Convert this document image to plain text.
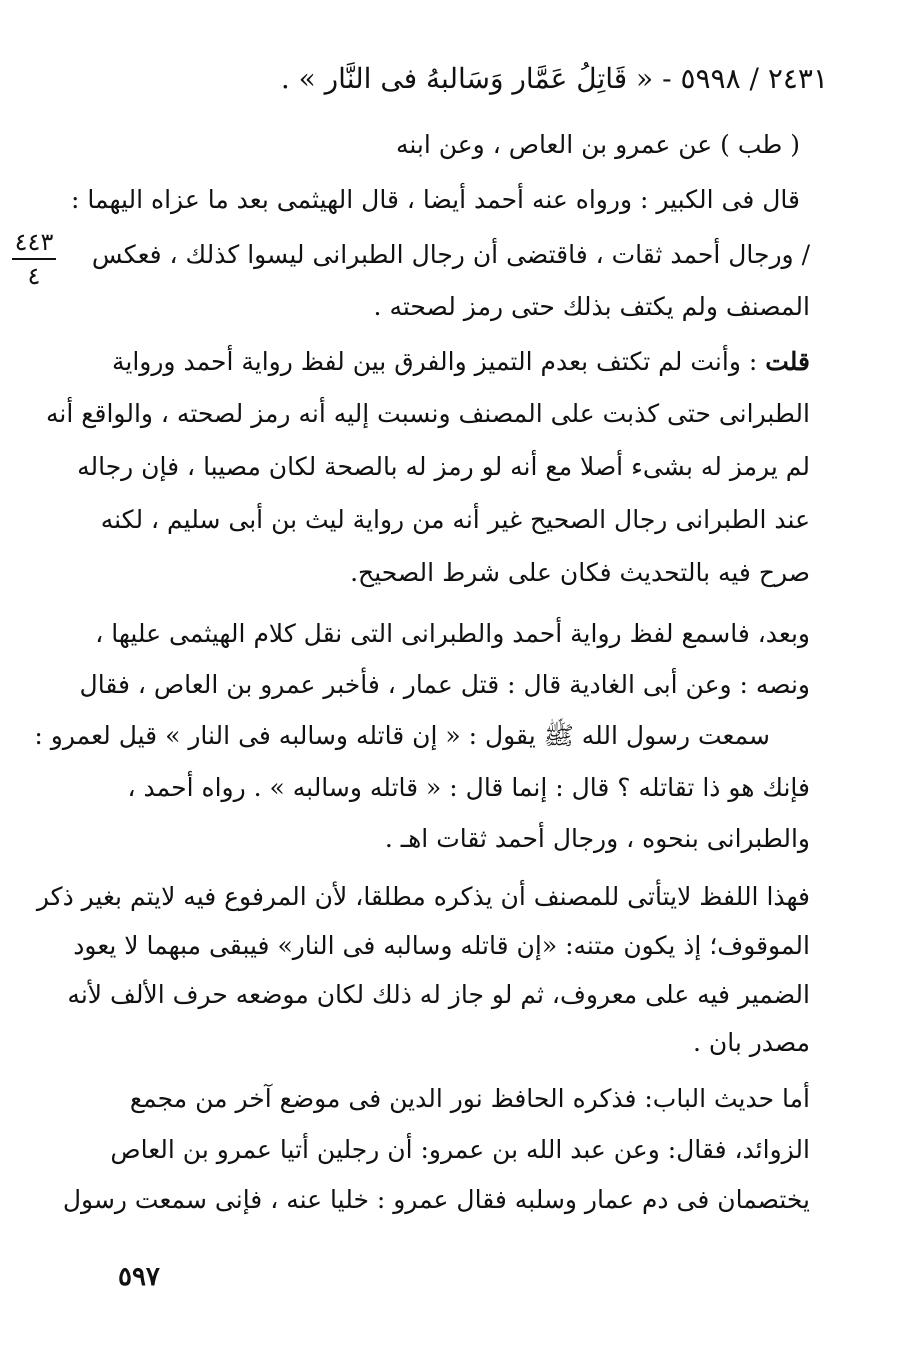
٢٤٣١ / ٥٩٩٨ - « قَاتِلُ عَمَّار وَسَالبهُ فى النَّار » .
( طب ) عن عمرو بن العاص ، وعن ابنه
٤٤٣
٤
قال فى الكبير : ورواه عنه أحمد أيضا ، قال الهيثمى بعد ما عزاه اليهما :
/ ورجال أحمد ثقات ، فاقتضى أن رجال الطبرانى ليسوا كذلك ، فعكس
المصنف ولم يكتف بذلك حتى رمز لصحته .
قلت : وأنت لم تكتف بعدم التميز والفرق بين لفظ رواية أحمد ورواية
الطبرانى حتى كذبت على المصنف ونسبت إليه أنه رمز لصحته ، والواقع أنه
لم يرمز له بشىء أصلا مع أنه لو رمز له بالصحة لكان مصيبا ، فإن رجاله
عند الطبرانى رجال الصحيح غير أنه من رواية ليث بن أبى سليم ، لكنه
صرح فيه بالتحديث فكان على شرط الصحيح.
وبعد، فاسمع لفظ رواية أحمد والطبرانى التى نقل كلام الهيثمى عليها ،
ونصه : وعن أبى الغادية قال : قتل عمار ، فأخبر عمرو بن العاص ، فقال
سمعت رسول الله ﷺ يقول : « إن قاتله وسالبه فى النار » قيل لعمرو :
فإنك هو ذا تقاتله ؟ قال : إنما قال : « قاتله وسالبه » . رواه أحمد ،
والطبرانى بنحوه ، ورجال أحمد ثقات اهـ .
فهذا اللفظ لايتأتى للمصنف أن يذكره مطلقا، لأن المرفوع فيه لايتم بغير ذكر
الموقوف؛ إذ يكون متنه: «إن قاتله وسالبه فى النار» فيبقى مبهما لا يعود
الضمير فيه على معروف، ثم لو جاز له ذلك لكان موضعه حرف الألف لأنه
مصدر بان .
أما حديث الباب: فذكره الحافظ نور الدين فى موضع آخر من مجمع
الزوائد، فقال: وعن عبد الله بن عمرو: أن رجلين أتيا عمرو بن العاص
يختصمان فى دم عمار وسلبه فقال عمرو : خليا عنه ، فإنى سمعت رسول
٥٩٧
